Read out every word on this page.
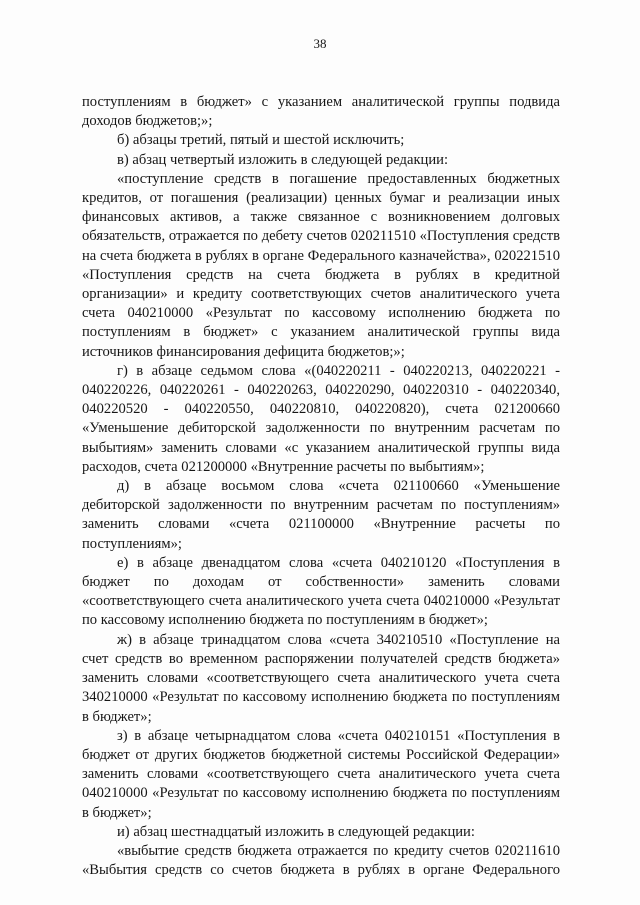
38

поступлениям в бюджет» с указанием аналитической группы подвида доходов бюджетов;»;

б) абзацы третий, пятый и шестой исключить;

в) абзац четвертый изложить в следующей редакции:

«поступление средств в погашение предоставленных бюджетных кредитов, от погашения (реализации) ценных бумаг и реализации иных финансовых активов, а также связанное с возникновением долговых обязательств, отражается по дебету счетов 020211510 «Поступления средств на счета бюджета в рублях в органе Федерального казначейства», 020221510 «Поступления средств на счета бюджета в рублях в кредитной организации» и кредиту соответствующих счетов аналитического учета счета 040210000 «Результат по кассовому исполнению бюджета по поступлениям в бюджет» с указанием аналитической группы вида источников финансирования дефицита бюджетов;»;

г) в абзаце седьмом слова «(040220211 - 040220213, 040220221 - 040220226, 040220261 - 040220263, 040220290, 040220310 - 040220340, 040220520 - 040220550, 040220810, 040220820), счета 021200660 «Уменьшение дебиторской задолженности по внутренним расчетам по выбытиям» заменить словами «с указанием аналитической группы вида расходов, счета 021200000 «Внутренние расчеты по выбытиям»;

д) в абзаце восьмом слова «счета 021100660 «Уменьшение дебиторской задолженности по внутренним расчетам по поступлениям» заменить словами «счета 021100000 «Внутренние расчеты по поступлениям»;

е) в абзаце двенадцатом слова «счета 040210120 «Поступления в бюджет по доходам от собственности» заменить словами «соответствующего счета аналитического учета счета 040210000 «Результат по кассовому исполнению бюджета по поступлениям в бюджет»;

ж) в абзаце тринадцатом слова «счета 340210510 «Поступление на счет средств во временном распоряжении получателей средств бюджета» заменить словами «соответствующего счета аналитического учета счета 340210000 «Результат по кассовому исполнению бюджета по поступлениям в бюджет»;

з) в абзаце четырнадцатом слова «счета 040210151 «Поступления в бюджет от других бюджетов бюджетной системы Российской Федерации» заменить словами «соответствующего счета аналитического учета счета 040210000 «Результат по кассовому исполнению бюджета по поступлениям в бюджет»;

и) абзац шестнадцатый изложить в следующей редакции:

«выбытие средств бюджета отражается по кредиту счетов 020211610 «Выбытия средств со счетов бюджета в рублях в органе Федерального
